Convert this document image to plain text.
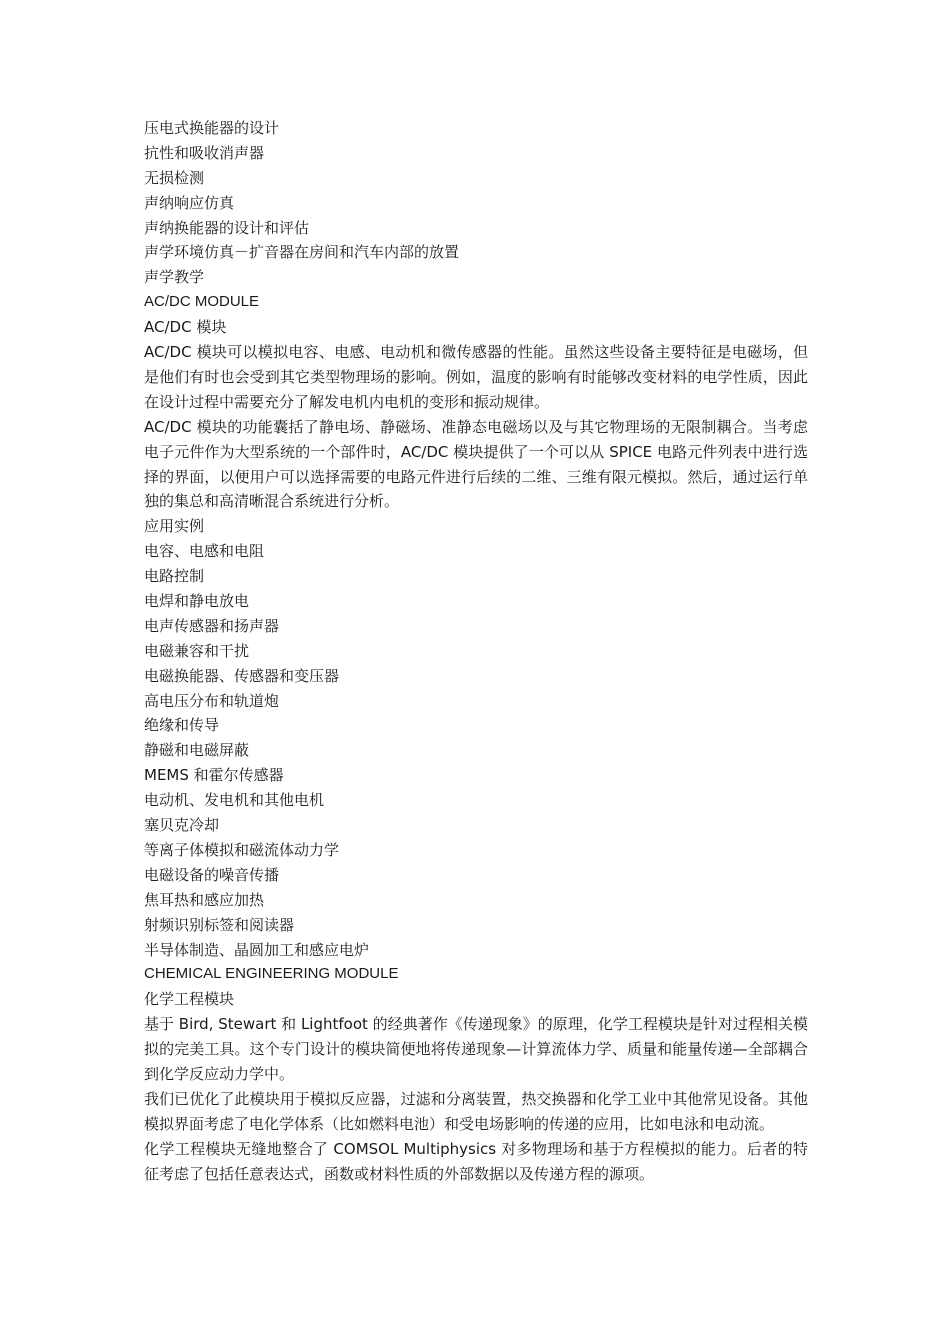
压电式换能器的设计
抗性和吸收消声器
无损检测
声纳响应仿真
声纳换能器的设计和评估
声学环境仿真－扩音器在房间和汽车内部的放置
声学教学
AC/DC MODULE
AC/DC 模块

AC/DC 模块可以模拟电容、电感、电动机和微传感器的性能。虽然这些设备主要特征是电磁场，但是他们有时也会受到其它类型物理场的影响。例如，温度的影响有时能够改变材料的电学性质，因此在设计过程中需要充分了解发电机内电机的变形和振动规律。

AC/DC 模块的功能囊括了静电场、静磁场、准静态电磁场以及与其它物理场的无限制耦合。当考虑电子元件作为大型系统的一个部件时，AC/DC 模块提供了一个可以从 SPICE 电路元件列表中进行选择的界面，以便用户可以选择需要的电路元件进行后续的二维、三维有限元模拟。然后，通过运行单独的集总和高清晰混合系统进行分析。

应用实例
电容、电感和电阻
电路控制
电焊和静电放电
电声传感器和扬声器
电磁兼容和干扰
电磁换能器、传感器和变压器
高电压分布和轨道炮
绝缘和传导
静磁和电磁屏蔽
MEMS 和霍尔传感器
电动机、发电机和其他电机
塞贝克冷却
等离子体模拟和磁流体动力学
电磁设备的噪音传播
焦耳热和感应加热
射频识别标签和阅读器
半导体制造、晶圆加工和感应电炉
CHEMICAL ENGINEERING MODULE
化学工程模块

基于 Bird, Stewart 和 Lightfoot 的经典著作《传递现象》的原理，化学工程模块是针对过程相关模拟的完美工具。这个专门设计的模块简便地将传递现象—计算流体力学、质量和能量传递—全部耦合到化学反应动力学中。

我们已优化了此模块用于模拟反应器，过滤和分离装置，热交换器和化学工业中其他常见设备。其他模拟界面考虑了电化学体系（比如燃料电池）和受电场影响的传递的应用，比如电泳和电动流。

化学工程模块无缝地整合了 COMSOL Multiphysics 对多物理场和基于方程模拟的能力。后者的特征考虑了包括任意表达式，函数或材料性质的外部数据以及传递方程的源项。
